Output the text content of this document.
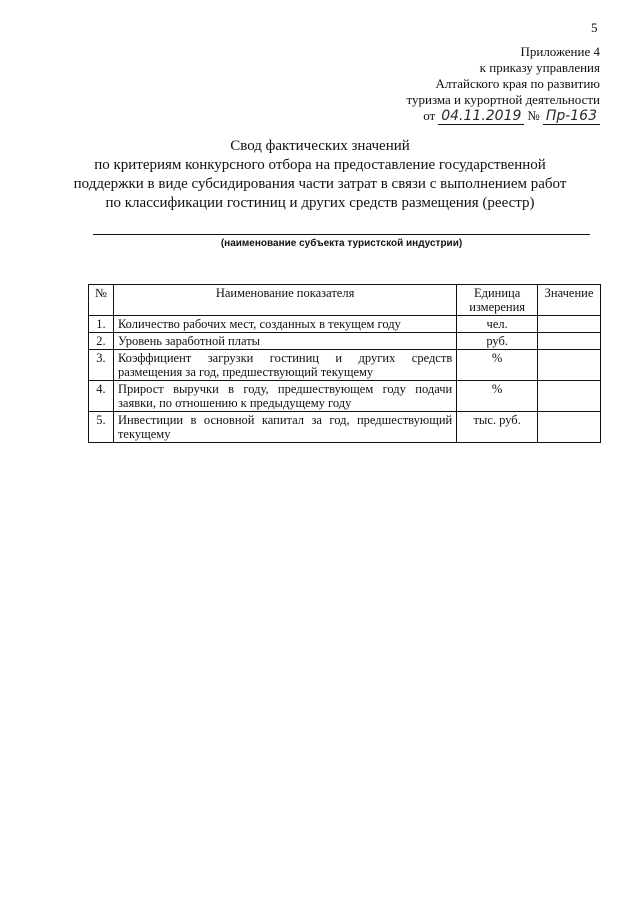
5
Приложение 4
к приказу управления
Алтайского края по развитию
туризма и курортной деятельности
от 04.11.2019 № Пр-163
Свод фактических значений
по критериям конкурсного отбора на предоставление государственной
поддержки в виде субсидирования части затрат в связи с выполнением работ
по классификации гостиниц и других средств размещения (реестр)
(наименование субъекта туристской индустрии)
№	Наименование показателя	Единица измерения	Значение
1.	Количество рабочих мест, созданных в текущем году	чел.	
2.	Уровень заработной платы	руб.	
3.	Коэффициент загрузки гостиниц и других средств размещения за год, предшествующий текущему	%	
4.	Прирост выручки в году, предшествующем году подачи заявки, по отношению к предыдущему году	%	
5.	Инвестиции в основной капитал за год, предшествующий текущему	тыс. руб.	
